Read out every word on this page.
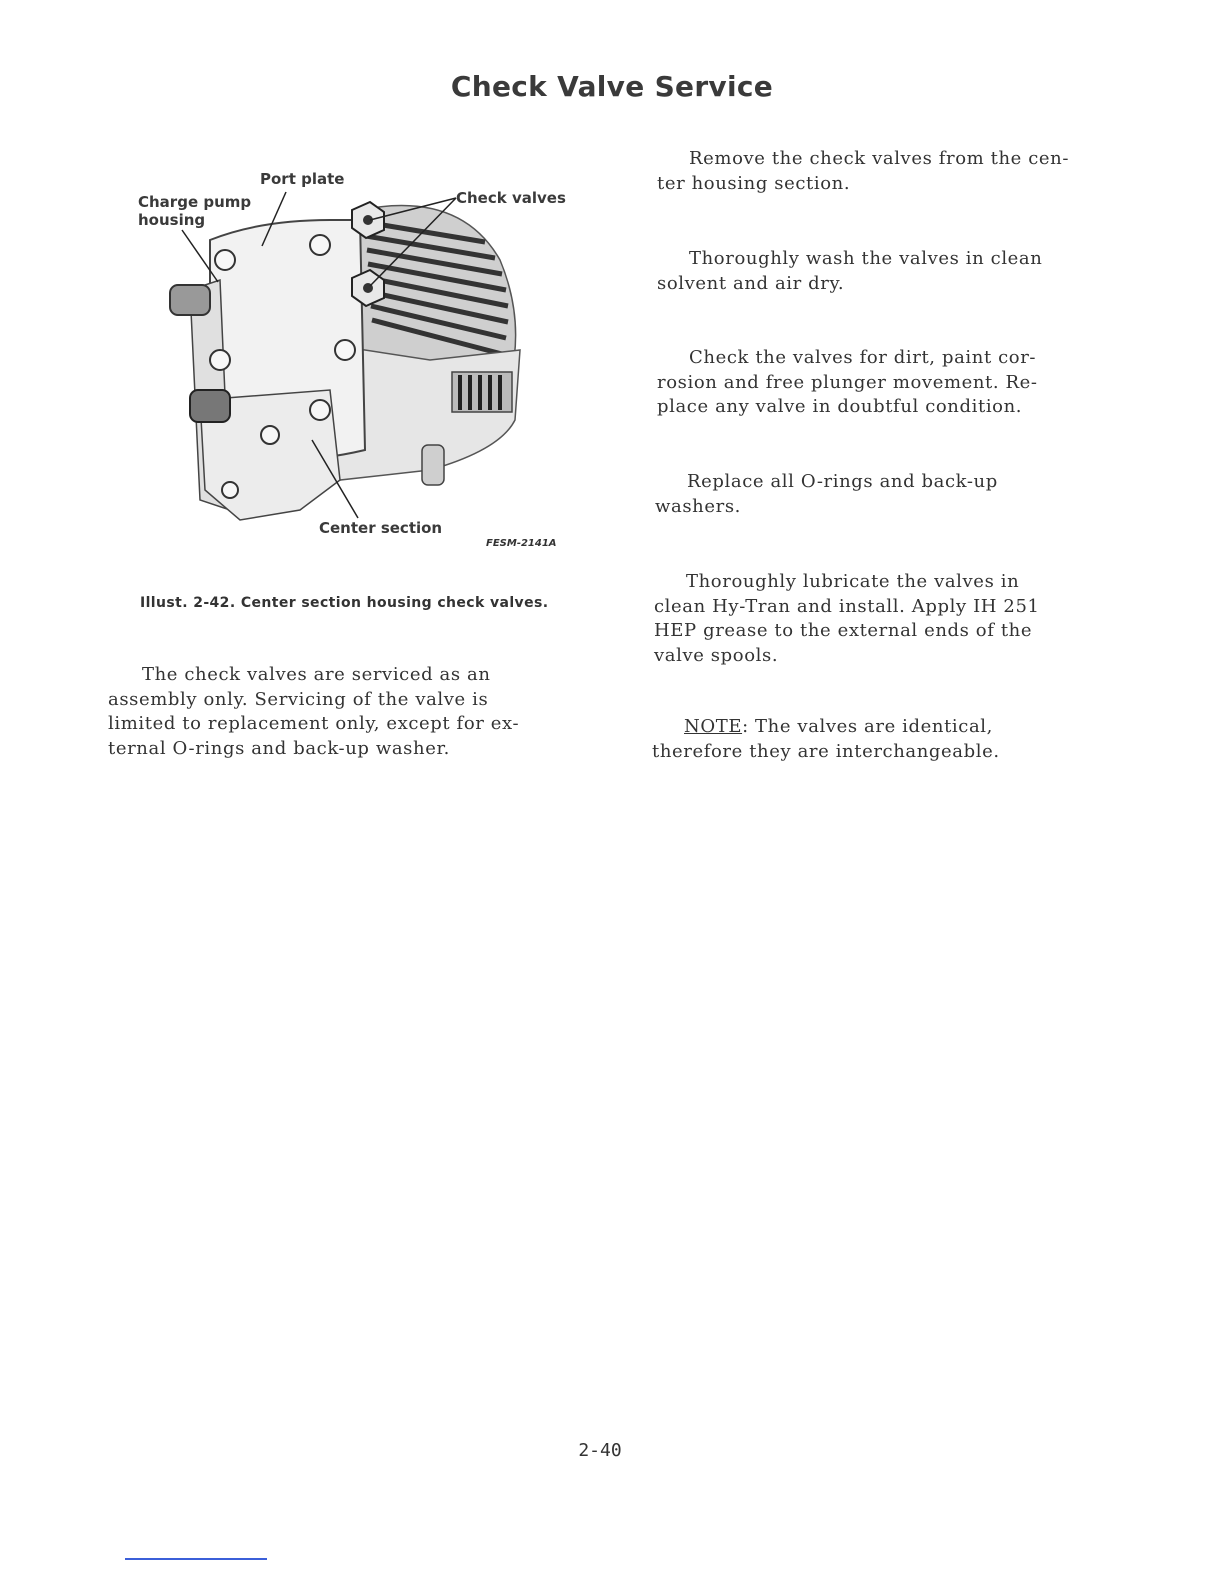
Check Valve Service
Port plate
Charge pump
housing
Check valves
Center section
FESM-2141A
Illust. 2-42. Center section housing check valves.
The check valves are serviced as an
assembly only. Servicing of the valve is
limited to replacement only, except for ex-
ternal O-rings and back-up washer.
Remove the check valves from the cen-
ter housing section.
Thoroughly wash the valves in clean
solvent and air dry.
Check the valves for dirt, paint cor-
rosion and free plunger movement. Re-
place any valve in doubtful condition.
Replace all O-rings and back-up
washers.
Thoroughly lubricate the valves in
clean Hy-Tran and install. Apply IH 251
HEP grease to the external ends of the
valve spools.
NOTE: The valves are identical,
therefore they are interchangeable.
2-40
